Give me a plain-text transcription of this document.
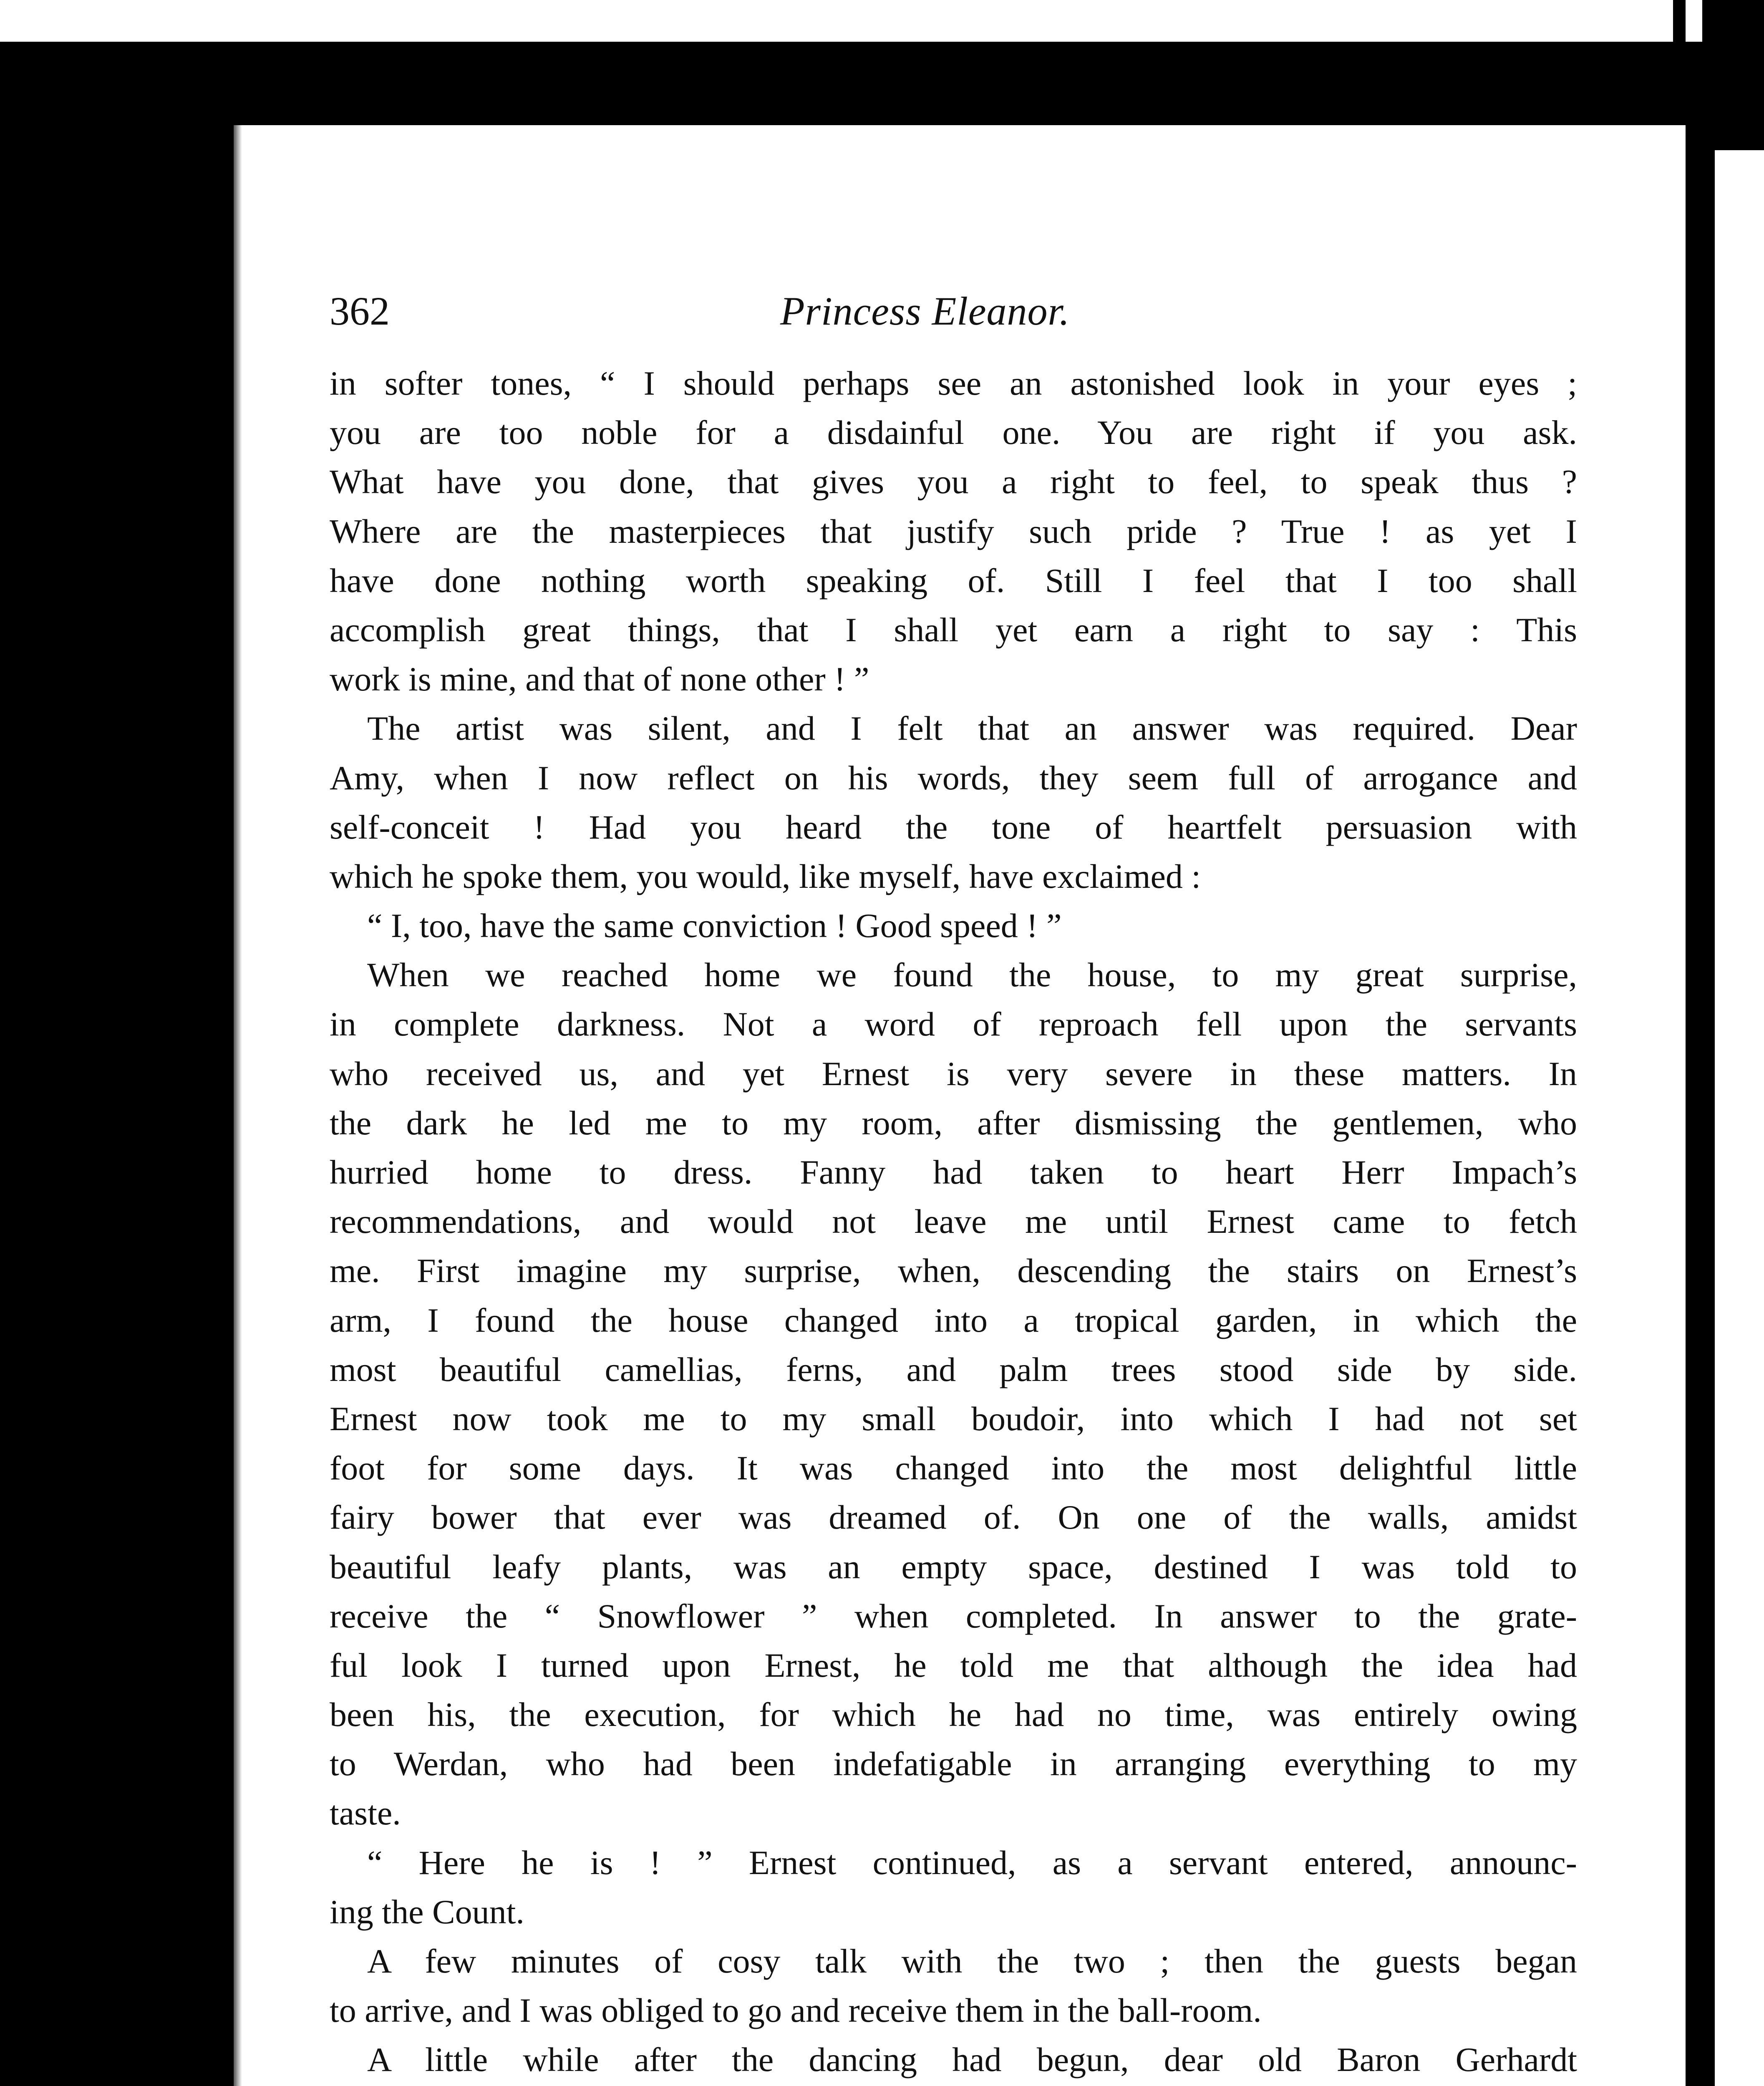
362	Princess Eleanor.
in softer tones, “ I should perhaps see an astonished look in your eyes ;
you are too noble for a disdainful one. You are right if you ask.
What have you done, that gives you a right to feel, to speak thus ?
Where are the masterpieces that justify such pride ? True ! as yet I
have done nothing worth speaking of. Still I feel that I too shall
accomplish great things, that I shall yet earn a right to say : This
work is mine, and that of none other ! ”
The artist was silent, and I felt that an answer was required. Dear
Amy, when I now reflect on his words, they seem full of arrogance and
self-conceit ! Had you heard the tone of heartfelt persuasion with
which he spoke them, you would, like myself, have exclaimed :
“ I, too, have the same conviction ! Good speed ! ”
When we reached home we found the house, to my great surprise,
in complete darkness. Not a word of reproach fell upon the servants
who received us, and yet Ernest is very severe in these matters. In
the dark he led me to my room, after dismissing the gentlemen, who
hurried home to dress. Fanny had taken to heart Herr Impach’s
recommendations, and would not leave me until Ernest came to fetch
me. First imagine my surprise, when, descending the stairs on Ernest’s
arm, I found the house changed into a tropical garden, in which the
most beautiful camellias, ferns, and palm trees stood side by side.
Ernest now took me to my small boudoir, into which I had not set
foot for some days. It was changed into the most delightful little
fairy bower that ever was dreamed of. On one of the walls, amidst
beautiful leafy plants, was an empty space, destined I was told to
receive the “ Snowflower ” when completed. In answer to the grate-
ful look I turned upon Ernest, he told me that although the idea had
been his, the execution, for which he had no time, was entirely owing
to Werdan, who had been indefatigable in arranging everything to my
taste.
“ Here he is ! ” Ernest continued, as a servant entered, announc-
ing the Count.
A few minutes of cosy talk with the two ; then the guests began
to arrive, and I was obliged to go and receive them in the ball-room.
A little while after the dancing had begun, dear old Baron Gerhardt
